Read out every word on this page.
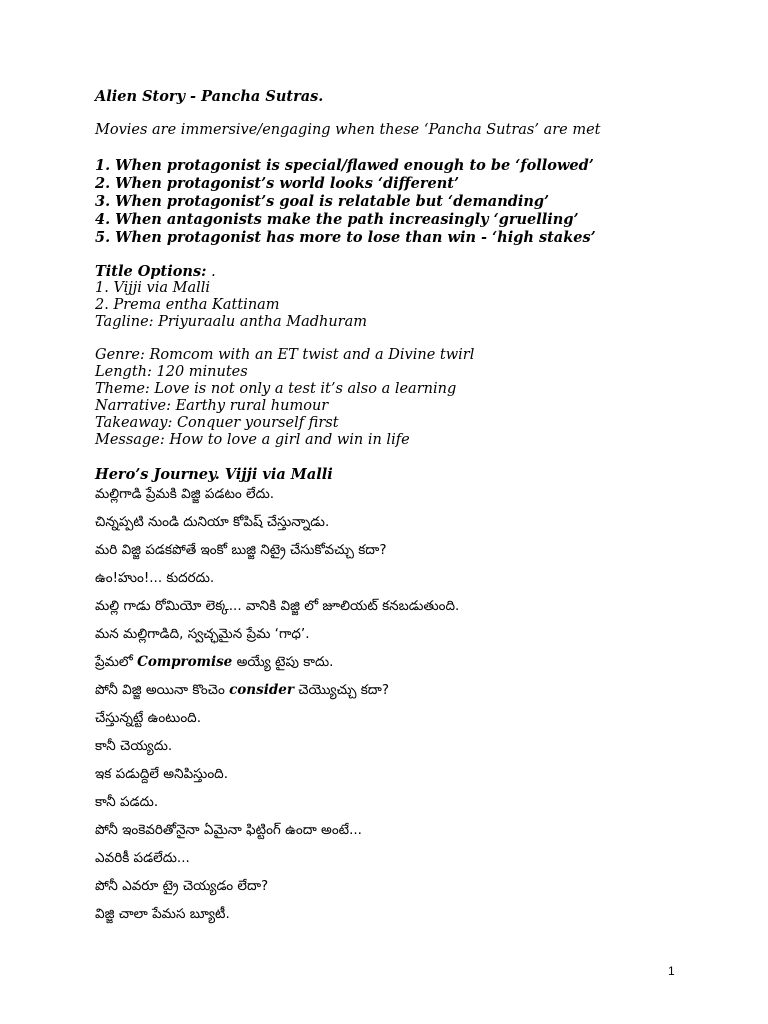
Alien Story - Pancha Sutras.
Movies are immersive/engaging when these ‘Pancha Sutras’ are met
1. When protagonist is special/flawed enough to be ‘followed’
2. When protagonist’s world looks ‘different’
3. When protagonist’s goal is relatable but ‘demanding’
4. When antagonists make the path increasingly ‘gruelling’
5. When protagonist has more to lose than win - ‘high stakes’
Title Options: .
1. Vijji via Malli
2. Prema entha Kattinam
Tagline: Priyuraalu antha Madhuram
Genre: Romcom with an ET twist and a Divine twirl
Length: 120 minutes
Theme: Love is not only a test it’s also a learning
Narrative: Earthy rural humour
Takeaway: Conquer yourself first
Message: How to love a girl and win in life
Hero’s Journey. Vijji via Malli
మల్లిగాడి ప్రేమకి విజ్జి పడటం లేదు.
చిన్నప్పటి నుండి దునియా కోపిష్ చేస్తున్నాడు.
మరి విజ్జి పడకపోతే ఇంకో బుజ్జి నిట్రై చేసుకోవచ్చు కదా?
ఉం!హుం!... కుదరదు.
మల్లి గాడు రోమియో లెక్క... వానికి విజ్జి లో జూలియట్ కనబడుతుంది.
మన మల్లిగాడిది, స్వచ్ఛమైన ప్రేమ ‘గాధ’.
ప్రేమలో Compromise అయ్యే టైపు కాదు.
పోనీ విజ్జి అయినా కొంచెం consider చెయ్యొచ్చు కదా?
చేస్తున్నట్టే ఉంటుంది.
కానీ చెయ్యదు.
ఇక పడుద్దిలే అనిపిస్తుంది.
కానీ పడదు.
పోనీ ఇంకెవరితోనైనా ఏమైనా ఫిట్టింగ్ ఉందా అంటే...
ఎవరికీ పడలేదు...
పోనీ ఎవరూ ట్రై చెయ్యడం లేదా?
విజ్జి చాలా పేమస బ్యూటీ.
1
